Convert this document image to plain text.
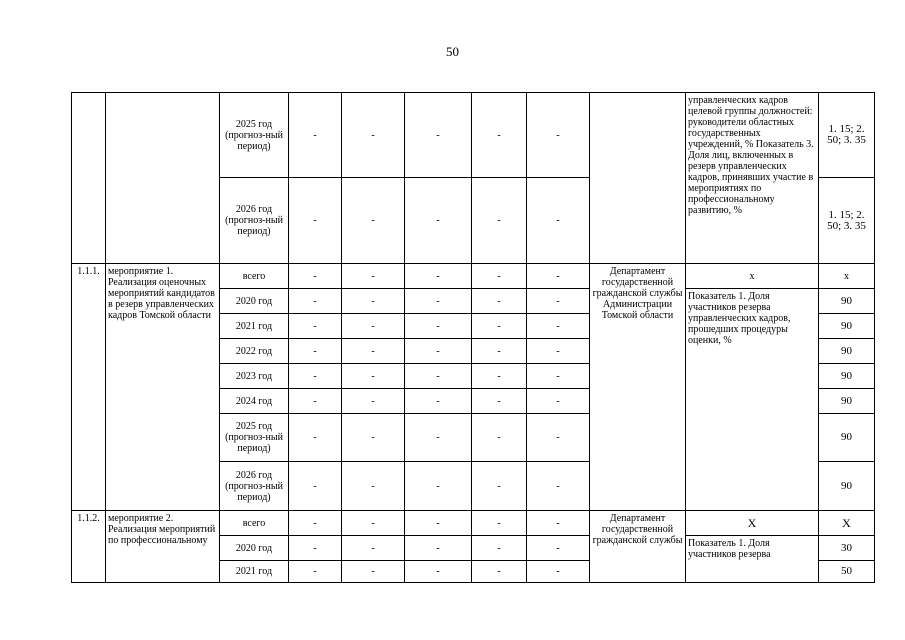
50
		2025 год (прогноз-ный период)	-	-	-	-	-		управленческих кадров целевой группы должностей: руководители областных государственных учреждений, % Показатель 3. Доля лиц, включенных в резерв управленческих кадров, принявших участие в мероприятиях по профессиональному развитию, %	1. 15; 2. 50; 3. 35
		2026 год (прогноз-ный период)	-	-	-	-	-			1. 15; 2. 50; 3. 35
1.1.1.	мероприятие 1. Реализация оценочных мероприятий кандидатов в резерв управленческих кадров Томской области	всего	-	-	-	-	-	Департамент государственной гражданской службы Администрации Томской области	х	х
		2020 год	-	-	-	-	-		Показатель 1. Доля участников резерва управленческих кадров, прошедших процедуры оценки, %	90
		2021 год	-	-	-	-	-			90
		2022 год	-	-	-	-	-			90
		2023 год	-	-	-	-	-			90
		2024 год	-	-	-	-	-			90
		2025 год (прогноз-ный период)	-	-	-	-	-			90
		2026 год (прогноз-ный период)	-	-	-	-	-			90
1.1.2.	мероприятие 2. Реализация мероприятий по профессиональному	всего	-	-	-	-	-	Департамент государственной гражданской службы	Х	Х
		2020 год	-	-	-	-	-		Показатель 1. Доля участников резерва	30
		2021 год	-	-	-	-	-			50
